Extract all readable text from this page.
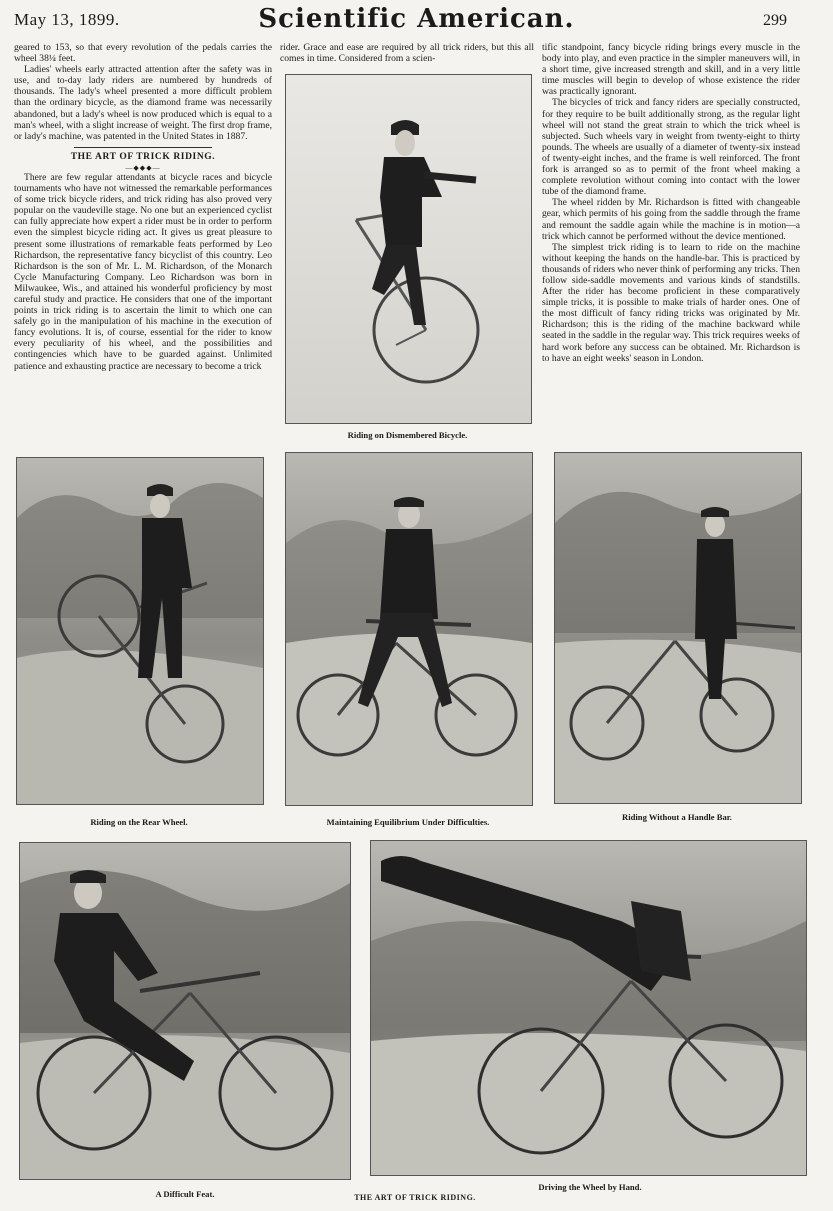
May 13, 1899.	Scientific American.	299

geared to 153, so that every revolution of the pedals carries the wheel 38¼ feet.

Ladies' wheels early attracted attention after the safety was in use, and to-day lady riders are numbered by hundreds of thousands. The lady's wheel presented a more difficult problem than the ordinary bicycle, as the diamond frame was necessarily abandoned, but a lady's wheel is now produced which is equal to a man's wheel, with a slight increase of weight. The first drop frame, or lady's machine, was patented in the United States in 1887.

THE ART OF TRICK RIDING.
—◆◆◆—

There are few regular attendants at bicycle races and bicycle tournaments who have not witnessed the remarkable performances of some trick bicycle riders, and trick riding has also proved very popular on the vaudeville stage. No one but an experienced cyclist can fully appreciate how expert a rider must be in order to perform even the simplest bicycle riding act. It gives us great pleasure to present some illustrations of remarkable feats performed by Leo Richardson, the representative fancy bicyclist of this country. Leo Richardson is the son of Mr. L. M. Richardson, of the Monarch Cycle Manufacturing Company. Leo Richardson was born in Milwaukee, Wis., and attained his wonderful proficiency by most careful study and practice. He considers that one of the important points in trick riding is to ascertain the limit to which one can safely go in the manipulation of his machine in the execution of fancy evolutions. It is, of course, essential for the rider to know every peculiarity of his wheel, and the possibilities and contingencies which have to be guarded against. Unlimited patience and exhausting practice are necessary to become a trick

rider. Grace and ease are required by all trick riders, but this all comes in time. Considered from a scien-

tific standpoint, fancy bicycle riding brings every muscle in the body into play, and even practice in the simpler maneuvers will, in a short time, give increased strength and skill, and in a very little time muscles will begin to develop of whose existence the rider was practically ignorant.

The bicycles of trick and fancy riders are specially constructed, for they require to be built additionally strong, as the regular light wheel will not stand the great strain to which the trick wheel is subjected. Such wheels vary in weight from twenty-eight to thirty pounds. The wheels are usually of a diameter of twenty-six instead of twenty-eight inches, and the frame is well reinforced. The front fork is arranged so as to permit of the front wheel making a complete revolution without coming into contact with the lower tube of the diamond frame.

The wheel ridden by Mr. Richardson is fitted with changeable gear, which permits of his going from the saddle through the frame and remount the saddle again while the machine is in motion—a trick which cannot be performed without the device mentioned.

The simplest trick riding is to learn to ride on the machine without keeping the hands on the handle-bar. This is practiced by thousands of riders who never think of performing any tricks. Then follow side-saddle movements and various kinds of standstills. After the rider has become proficient in these comparatively simple tricks, it is possible to make trials of harder ones. One of the most difficult of fancy riding tricks was originated by Mr. Richardson; this is the riding of the machine backward while seated in the saddle in the regular way. This trick requires weeks of hard work before any success can be obtained. Mr. Richardson is to have an eight weeks' season in London.

Riding on Dismembered Bicycle.
Riding on the Rear Wheel.	Maintaining Equilibrium Under Difficulties.	Riding Without a Handle Bar.
A Difficult Feat.
Driving the Wheel by Hand.
THE ART OF TRICK RIDING.
